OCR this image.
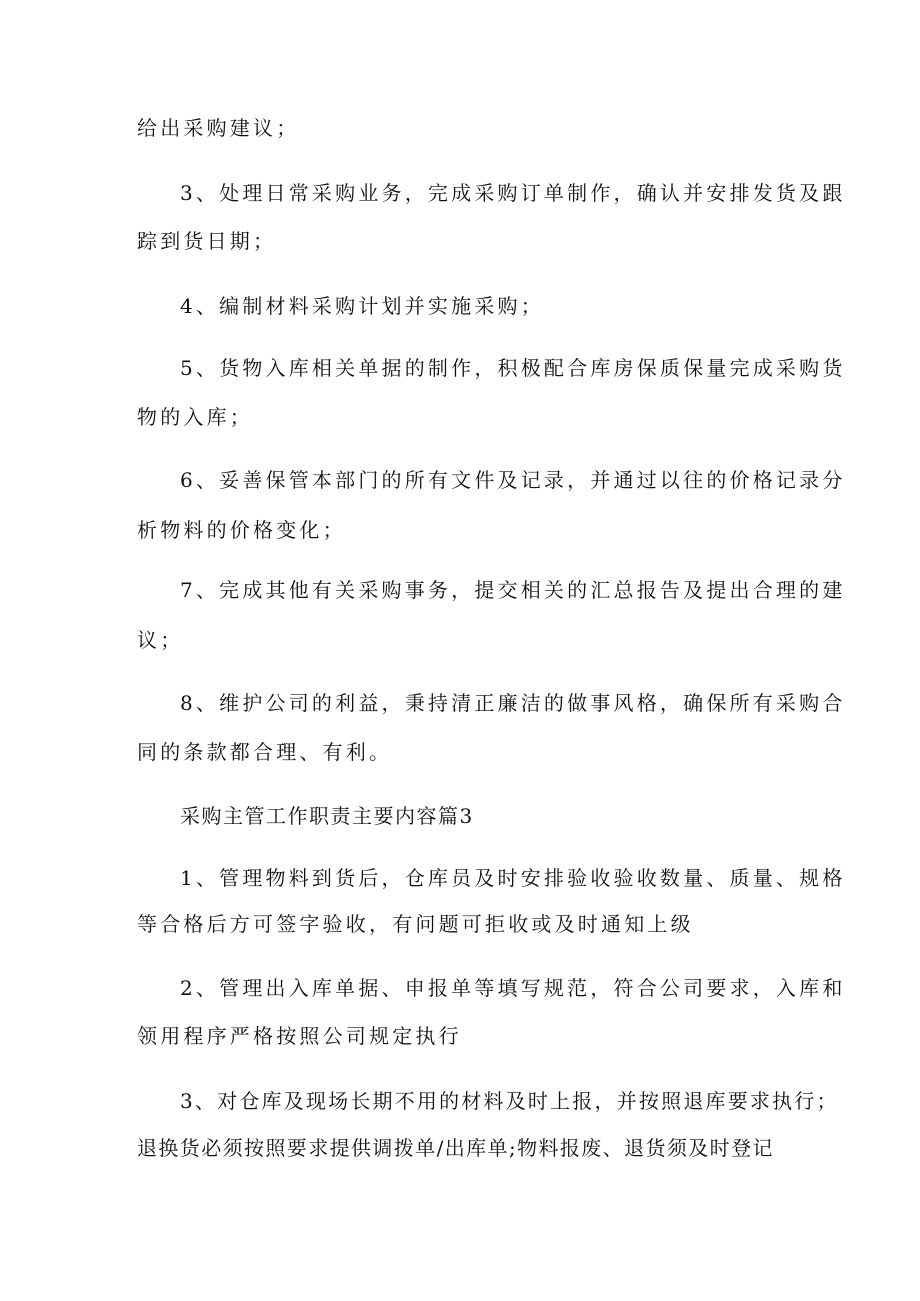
给出采购建议；
3、处理日常采购业务，完成采购订单制作，确认并安排发货及跟
踪到货日期；
4、编制材料采购计划并实施采购；
5、货物入库相关单据的制作，积极配合库房保质保量完成采购货
物的入库；
6、妥善保管本部门的所有文件及记录，并通过以往的价格记录分
析物料的价格变化；
7、完成其他有关采购事务，提交相关的汇总报告及提出合理的建
议；
8、维护公司的利益，秉持清正廉洁的做事风格，确保所有采购合
同的条款都合理、有利。
采购主管工作职责主要内容篇3
1、管理物料到货后，仓库员及时安排验收验收数量、质量、规格
等合格后方可签字验收，有问题可拒收或及时通知上级
2、管理出入库单据、申报单等填写规范，符合公司要求，入库和
领用程序严格按照公司规定执行
3、对仓库及现场长期不用的材料及时上报，并按照退库要求执行；
退换货必须按照要求提供调拨单/出库单;物料报废、退货须及时登记
